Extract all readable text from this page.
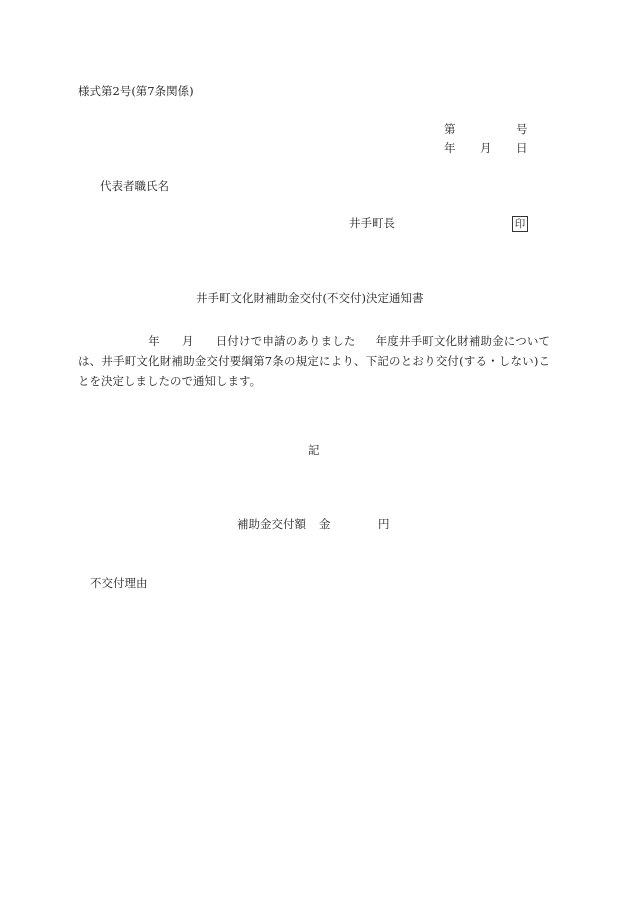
様式第2号(第7条関係)
第	号
年 月 日
代表者職氏名
井手町長	印
井手町文化財補助金交付(不交付)決定通知書
年 月 日付けで申請のありました 年度井手町文化財補助金については、井手町文化財補助金交付要綱第7条の規定により、下記のとおり交付(する・しない)ことを決定しましたので通知します。
記
補助金交付額 金	円
不交付理由
